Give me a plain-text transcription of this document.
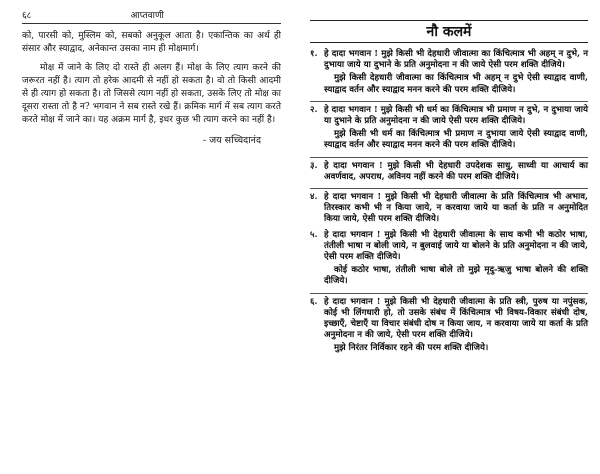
६८	आप्तवाणी

को, पारसी को, मुस्लिम को, सबको अनुकूल आता है। एकान्तिक का अर्थ ही संसार और स्याद्वाद, अनेकान्त उसका नाम ही मोक्षमार्ग।

मोक्ष में जाने के लिए दो रास्ते ही अलग हैं। मोक्ष के लिए त्याग करने की जरूरत नहीं है। त्याग तो हरेक आदमी से नहीं हो सकता है। वो तो किसी आदमी से ही त्याग हो सकता है। तो जिससे त्याग नहीं हो सकता, उसके लिए तो मोक्ष का दूसरा रास्ता तो है न? भगवान ने सब रास्ते रखे हैं। क्रमिक मार्ग में सब त्याग करते करते मोक्ष में जाने का। यह अक्रम मार्ग है, इधर कुछ भी त्याग करने का नहीं है।

- जय सच्चिदानंद
नौ कलमें
१. हे दादा भगवान ! मुझे किसी भी देहधारी जीवात्मा का किंचित्मात्र भी अहम् न दुभे, न दुभाया जाये या दुभाने के प्रति अनुमोदना न की जाये ऐसी परम शक्ति दीजिये।

मुझे किसी देहधारी जीवात्मा का किंचित्मात्र भी अहम् न दुभे ऐसी स्याद्वाद वाणी, स्याद्वाद वर्तन और स्याद्वाद मनन करने की परम शक्ति दीजिये।

२. हे दादा भगवान ! मुझे किसी भी धर्म का किंचित्मात्र भी प्रमाण न दुभे, न दुभाया जाये या दुभाने के प्रति अनुमोदना न की जाये ऐसी परम शक्ति दीजिये।

मुझे किसी भी धर्म का किंचित्मात्र भी प्रमाण न दुभाया जाये ऐसी स्याद्वाद वाणी, स्याद्वाद वर्तन और स्याद्वाद मनन करने की परम शक्ति दीजिये।

३. हे दादा भगवान ! मुझे किसी भी देहधारी उपदेशक साधु, साध्वी या आचार्य का अवर्णवाद, अपराध, अविनय नहीं करने की परम शक्ति दीजिये।

४. हे दादा भगवान ! मुझे किसी भी देहधारी जीवात्मा के प्रति किंचित्मात्र भी अभाव, तिरस्कार कभी भी न किया जाये, न करवाया जाये या कर्ता के प्रति न अनुमोदित किया जाये, ऐसी परम शक्ति दीजिये।

५. हे दादा भगवान ! मुझे किसी भी देहधारी जीवात्मा के साथ कभी भी कठोर भाषा, तंतीली भाषा न बोली जाये, न बुलवाई जाये या बोलने के प्रति अनुमोदना न की जाये, ऐसी परम शक्ति दीजिये।

कोई कठोर भाषा, तंतीली भाषा बोले तो मुझे मृदु-ऋजु भाषा बोलने की शक्ति दीजिये।

६. हे दादा भगवान ! मुझे किसी भी देहधारी जीवात्मा के प्रति स्त्री, पुरुष या नपुंसक, कोई भी लिंगधारी हो, तो उसके संबंध में किंचित्मात्र भी विषय-विकार संबंधी दोष, इच्छाएँ, चेष्टाएँ या विचार संबंधी दोष न किया जाय, न करवाया जाये या कर्ता के प्रति अनुमोदना न की जाये, ऐसी परम शक्ति दीजिये।

मुझे निरंतर निर्विकार रहने की परम शक्ति दीजिये।
